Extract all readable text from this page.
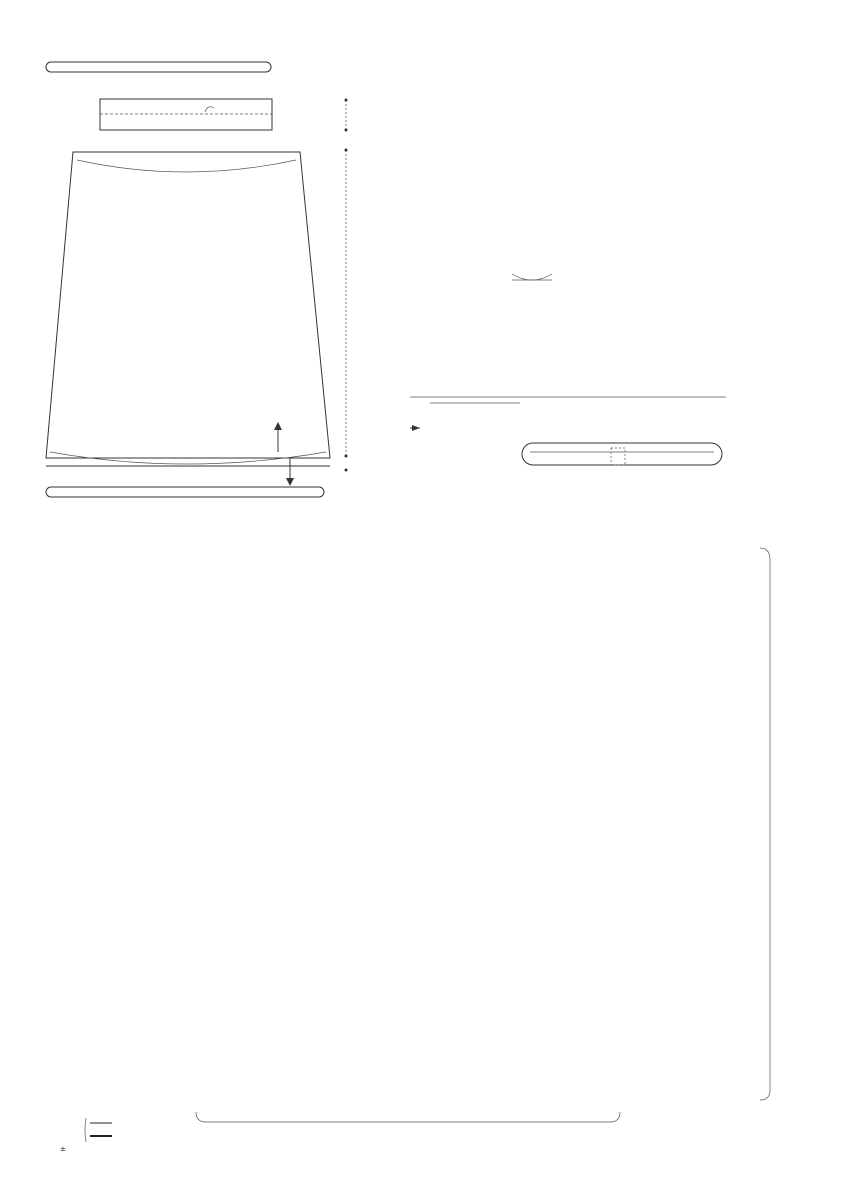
±
